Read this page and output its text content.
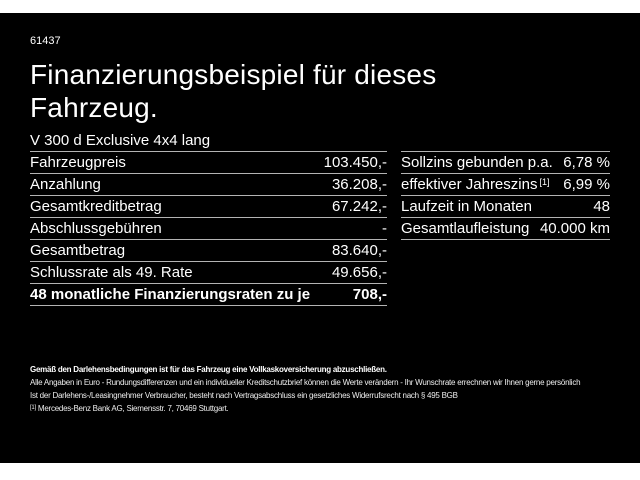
61437
Finanzierungsbeispiel für dieses
Fahrzeug.
V 300 d Exclusive 4x4 lang
Fahrzeugpreis	103.450,-
Anzahlung	36.208,-
Gesamtkreditbetrag	67.242,-
Abschlussgebühren	-
Gesamtbetrag	83.640,-
Schlussrate als 49. Rate	49.656,-
48 monatliche Finanzierungsraten zu je	708,-
Sollzins gebunden p.a. 6,78 %
effektiver Jahreszins [1] 6,99 %
Laufzeit in Monaten	48
Gesamtlaufleistung 40.000 km
Gemäß den Darlehensbedingungen ist für das Fahrzeug eine Vollkaskoversicherung abzuschließen.
Alle Angaben in Euro - Rundungsdifferenzen und ein individueller Kreditschutzbrief können die Werte verändern - Ihr Wunschrate errechnen wir Ihnen gerne persönlich
Ist der Darlehens-/Leasingnehmer Verbraucher, besteht nach Vertragsabschluss ein gesetzliches Widerrufsrecht nach § 495 BGB
[1] Mercedes-Benz Bank AG, Siemensstr. 7, 70469 Stuttgart.
